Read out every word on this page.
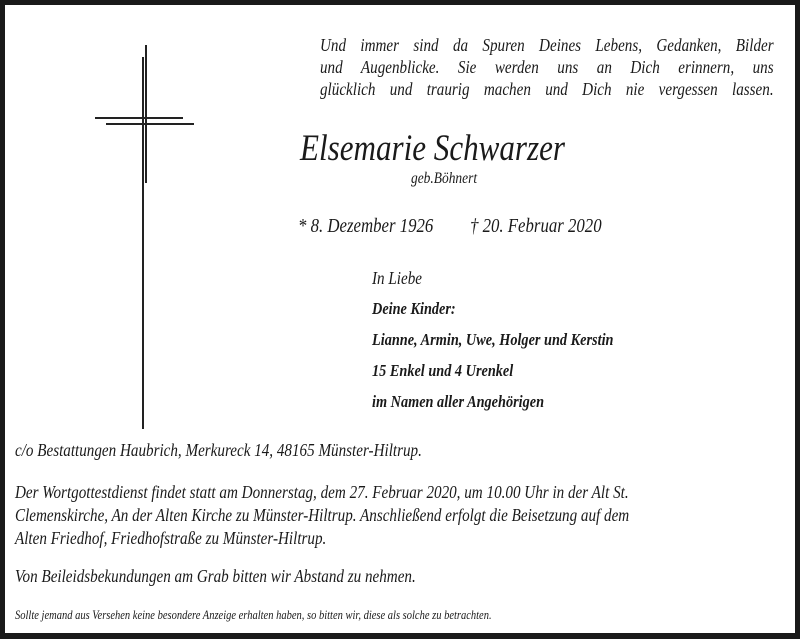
Und immer sind da Spuren Deines Lebens, Gedanken, Bilder
und Augenblicke. Sie werden uns an Dich erinnern, uns
glücklich und traurig machen und Dich nie vergessen lassen.
Elsemarie Schwarzer
geb.Böhnert
* 8. Dezember 1926 † 20. Februar 2020
In Liebe
Deine Kinder:
Lianne, Armin, Uwe, Holger und Kerstin
15 Enkel und 4 Urenkel
im Namen aller Angehörigen
c/o Bestattungen Haubrich, Merkureck 14, 48165 Münster-Hiltrup.
Der Wortgottestdienst findet statt am Donnerstag, dem 27. Februar 2020, um 10.00 Uhr in der Alt St.
Clemenskirche, An der Alten Kirche zu Münster-Hiltrup. Anschließend erfolgt die Beisetzung auf dem
Alten Friedhof, Friedhofstraße zu Münster-Hiltrup.
Von Beileidsbekundungen am Grab bitten wir Abstand zu nehmen.
Sollte jemand aus Versehen keine besondere Anzeige erhalten haben, so bitten wir, diese als solche zu betrachten.
